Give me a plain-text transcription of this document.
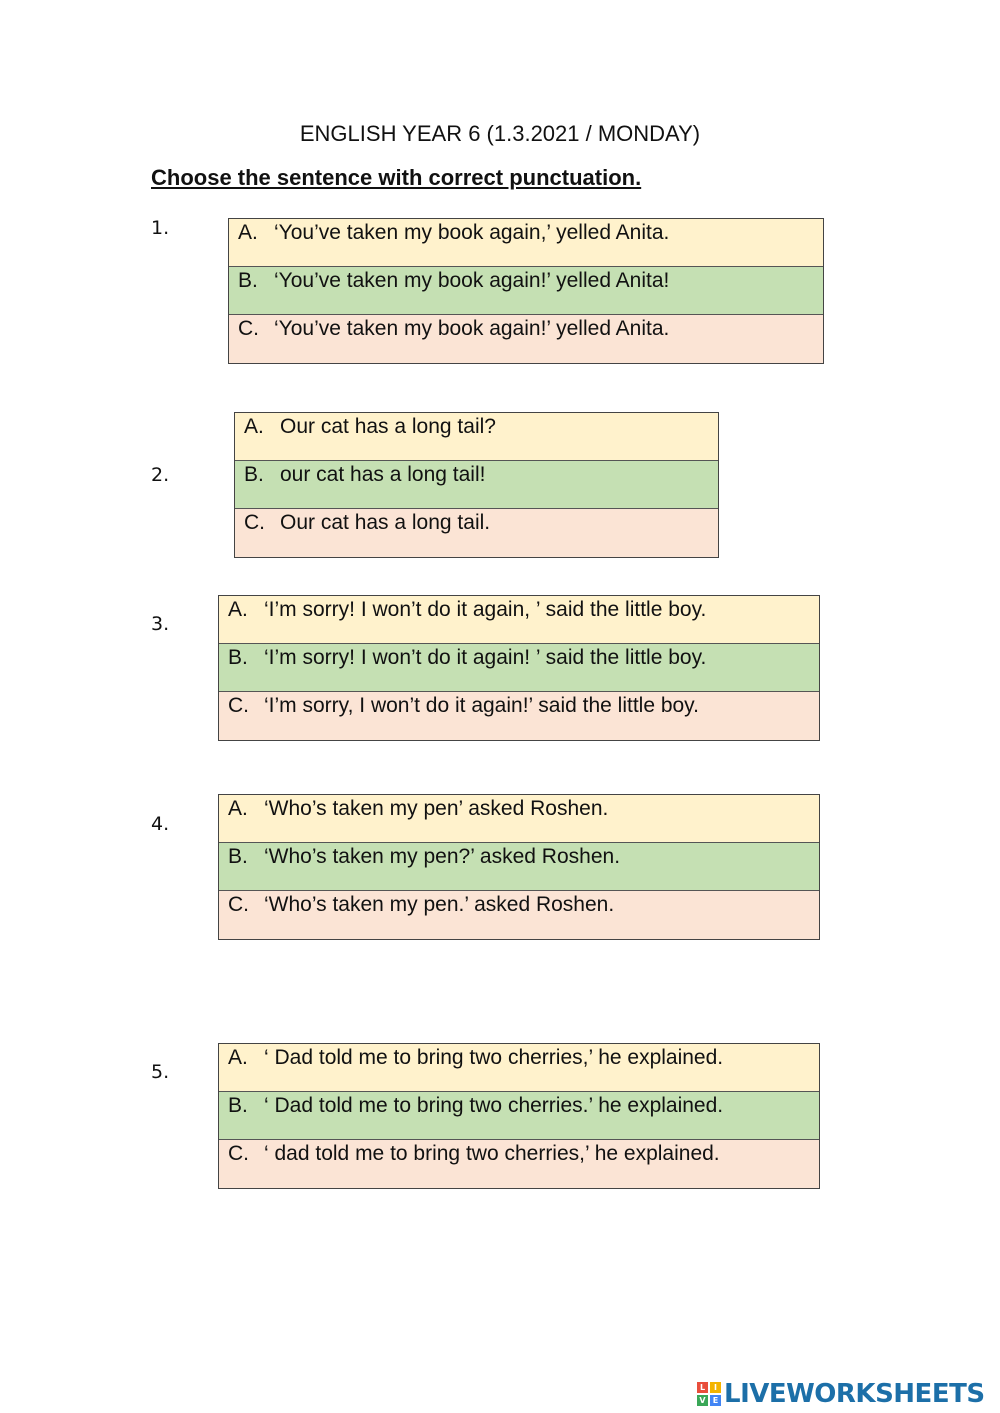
ENGLISH YEAR 6 (1.3.2021 / MONDAY)
Choose the sentence with correct punctuation.
1.	A. ‘You’ve taken my book again,’ yelled Anita.
B. ‘You’ve taken my book again!’ yelled Anita!
C. ‘You’ve taken my book again!’ yelled Anita.
2.
A. Our cat has a long tail?
B. our cat has a long tail!
C. Our cat has a long tail.
3.
A. ‘I’m sorry! I won’t do it again, ’ said the little boy.
B. ‘I’m sorry! I won’t do it again! ’ said the little boy.
C. ‘I’m sorry, I won’t do it again!’ said the little boy.
4.
A. ‘Who’s taken my pen’ asked Roshen.
B. ‘Who’s taken my pen?’ asked Roshen.
C. ‘Who’s taken my pen.’ asked Roshen.
5.
A. ‘ Dad told me to bring two cherries,’ he explained.
B. ‘ Dad told me to bring two cherries.’ he explained.
C. ‘ dad told me to bring two cherries,’ he explained.
L	I
V E LIVEWORKSHEETS
